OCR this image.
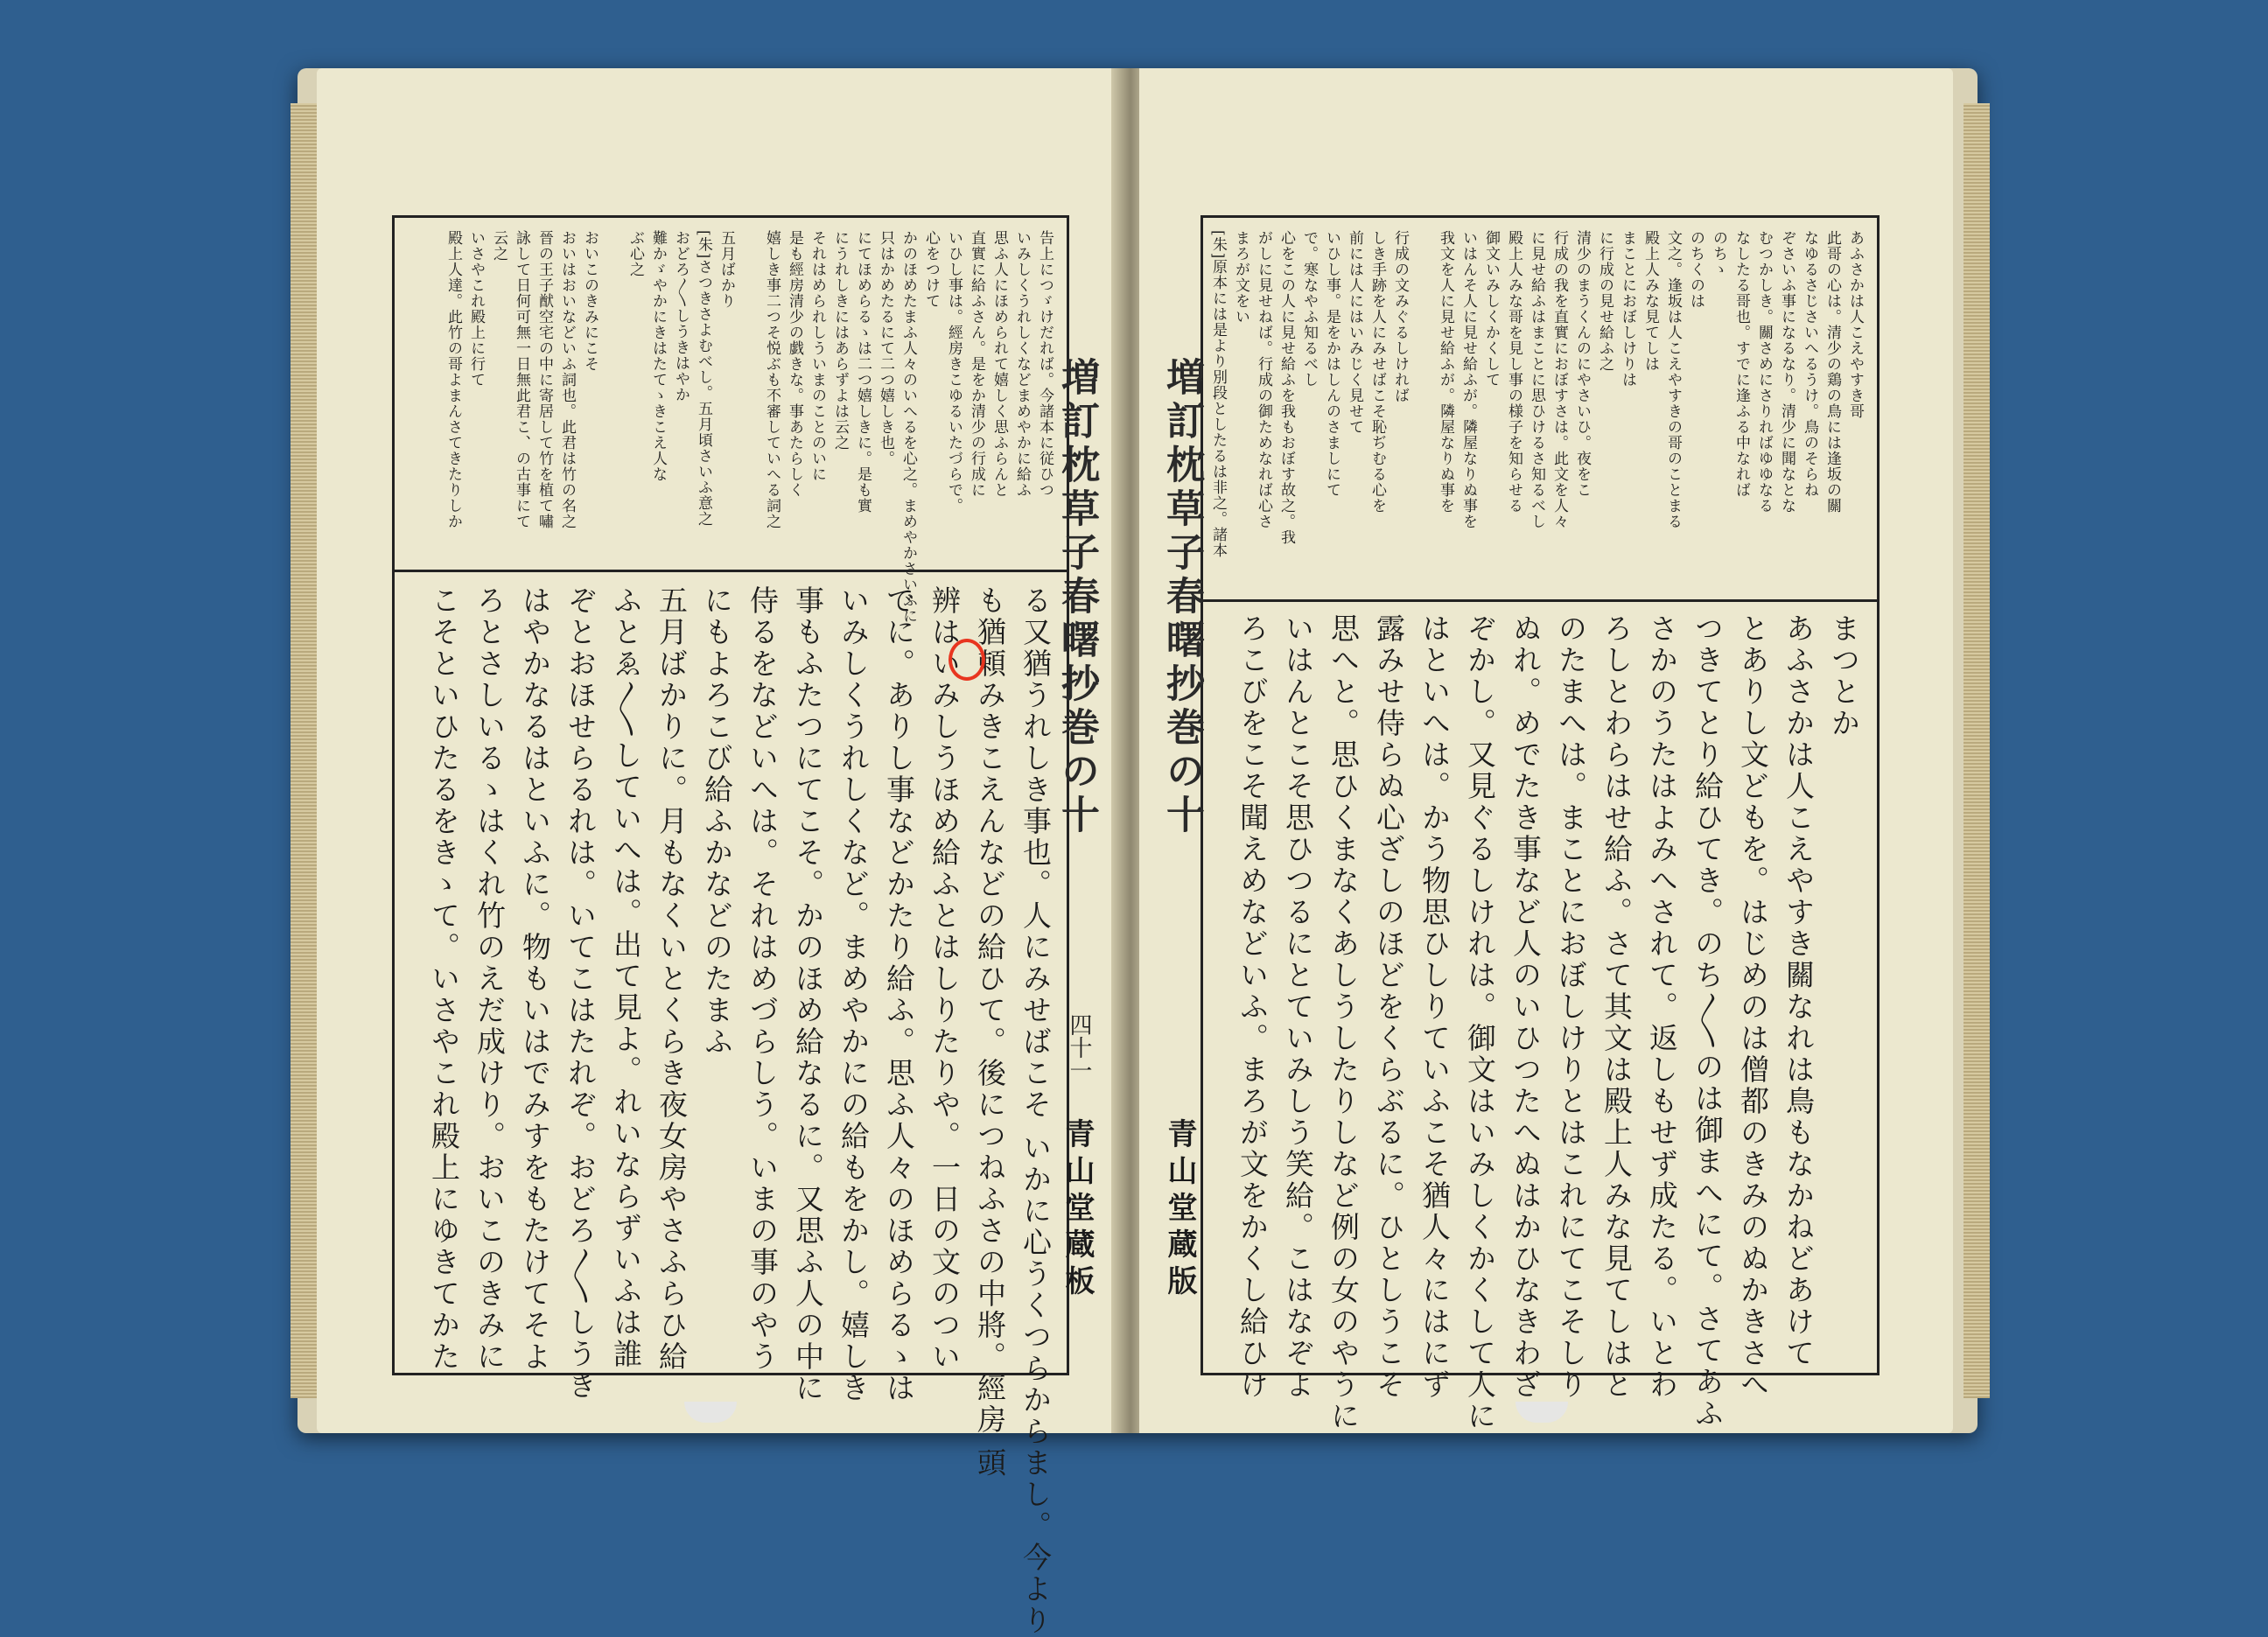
告上につゞけだれば。今諸本に従ひつ
いみしくうれしくなどまめやかに給ふ
思ふ人にほめられて嬉しく思ふらんと
直實に給ふさん。是をか清少の行成に
いひし事は。經房きこゆるいたづらで。
心をつけて
かのほめたまふ人々のいへるを心之。まめやかさいふに
只はかめたるにて二つ嬉しき也。
にてほめらるゝは二つ嬉しきに。是も實
にうれしきにはあらずよは云之
それはめられしういまのことのいに
是も經房清少の戯きな。事あたらしく
嬉しき事二つそ悦ぶも不審していへる詞之

五月ばかり
[朱]さつきさよむべし。五月頃さいふ意之
おどろ〳〵しうきはやか
難かゞやかにきはたてゝきこえ人な
ぶ心之

おいこのきみにこそ
おいはおいなどいふ詞也。此君は竹の名之
晉の王子猷空宅の中に寄居して竹を植て嘯
詠して日何可無一日無此君こ、の古事にて
云之
いさやこれ殿上に行て
殿上人達。此竹の哥よまんさてきたりしか
る又猶うれしき事也。人にみせばこそ いかに心うくつらからまし。今より
も猶頼みきこえんなどの給ひて。後につねふさの中將。經房 頭
辨はいみしうほめ給ふとはしりたりや。一日の文のつい
でに。ありし事などかたり給ふ。思ふ人々のほめらるゝは
いみしくうれしくなど。まめやかにの給もをかし。嬉しき
事もふたつにてこそ。かのほめ給なるに。又思ふ人の中に
侍るをなどいへは。それはめづらしう。いまの事のやう
にもよろこび給ふかなどのたまふ
五月ばかりに。月もなくいとくらき夜女房やさふらひ給
ふとゑ〳〵していへは。出て見よ。れいならずいふは誰
ぞとおほせらるれは。いてこはたれぞ。おどろ〳〵しうき
はやかなるはといふに。物もいはでみすをもたけてそよ
ろとさしいるゝはくれ竹のえだ成けり。おいこのきみに
こそといひたるをきゝて。いさやこれ殿上にゆきてかた	増訂枕草子春曙抄巻の十
四十一
青山堂蔵板
あふさかは人こえやすき哥
此哥の心は。清少の鶏の鳥には逢坂の關
なゆるさじさいへるうけ。鳥のそらね
ぞさいふ事になるなり。清少に聞なとな
むつかしき。關さめにさりればゆゆなる
なしたる哥也。すでに逢ふる中なれば
のちゝ
のちくのは
文之。逢坂は人こえやすきの哥のことまる
殿上人みな見てしは
まことにおぼしけりは
に行成の見せ給ふ之
清少のまうくんのにやさいひ。夜をこ
行成の我を直實におぼすさは。此文を人々
に見せ給ふはまことに思ひけるさ知るべし
殿上人みな哥を見し事の様子を知らせる
御文いみしくかくして
いはんそ人に見せ給ふが。隣屋なりぬ事を
我文を人に見せ給ふが。隣屋なりぬ事を

行成の文みぐるしければ
しき手跡を人にみせばこそ恥ぢむる心を
前には人にはいみじく見せて
いひし事。是をかはしんのさましにて
で。寒なやふ知るべし
心をこの人に見せ給ふを我もおぼす故之。我
がしに見せねば。行成の御ためなれば心さ
まろが文をい
[朱]原本には是より別段としたるは非之。諸本
まつとか
あふさかは人こえやすき關なれは鳥もなかねどあけて
とありし文どもを。はじめのは僧都のきみのぬかきさへ
つきてとり給ひてき。のち〳〵のは御まへにて。さてあふ
さかのうたはよみへされて。返しもせず成たる。いとわ
ろしとわらはせ給ふ。さて其文は殿上人みな見てしはと
のたまへは。まことにおぼしけりとはこれにてこそしり
ぬれ。めでたき事など人のいひつたへぬはかひなきわざ
ぞかし。又見ぐるしけれは。御文はいみしくかくして人に
はといへは。かう物思ひしりていふこそ猶人々にはにず
露みせ侍らぬ心ざしのほどをくらぶるに。ひとしうこそ
思へと。思ひくまなくあしうしたりしなど例の女のやうに
いはんとこそ思ひつるにとていみしう笑給。こはなぞよ
ろこびをこそ聞えめなどいふ。まろが文をかくし給ひけ
増訂枕草子春曙抄巻の十
青山堂蔵版
